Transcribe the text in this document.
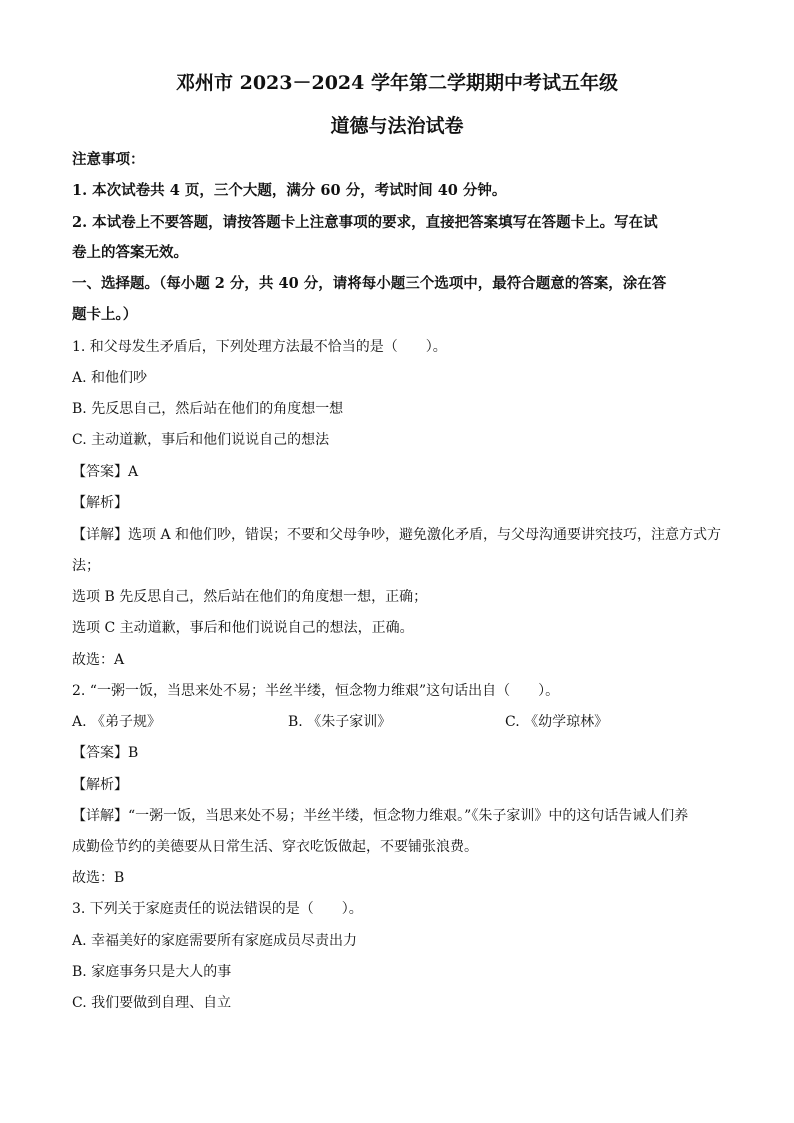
邓州市 2023－2024 学年第二学期期中考试五年级
道德与法治试卷
注意事项：
1. 本次试卷共 4 页，三个大题，满分 60 分，考试时间 40 分钟。
2. 本试卷上不要答题，请按答题卡上注意事项的要求，直接把答案填写在答题卡上。写在试
卷上的答案无效。
一、选择题。（每小题 2 分，共 40 分，请将每小题三个选项中，最符合题意的答案，涂在答
题卡上。）
1. 和父母发生矛盾后，下列处理方法最不恰当的是（　　）。
A. 和他们吵
B. 先反思自己，然后站在他们的角度想一想
C. 主动道歉，事后和他们说说自己的想法
【答案】A
【解析】
【详解】选项 A 和他们吵，错误；不要和父母争吵，避免激化矛盾，与父母沟通要讲究技巧，注意方式方
法；
选项 B 先反思自己，然后站在他们的角度想一想，正确；
选项 C 主动道歉，事后和他们说说自己的想法，正确。
故选：A
2. “一粥一饭，当思来处不易；半丝半缕，恒念物力维艰”这句话出自（　　）。
A. 《弟子规》	B. 《朱子家训》	C. 《幼学琼林》
【答案】B
【解析】
【详解】“一粥一饭，当思来处不易；半丝半缕，恒念物力维艰。”《朱子家训》中的这句话告诫人们养
成勤俭节约的美德要从日常生活、穿衣吃饭做起，不要铺张浪费。
故选：B
3. 下列关于家庭责任的说法错误的是（　　）。
A. 幸福美好的家庭需要所有家庭成员尽责出力
B. 家庭事务只是大人的事
C. 我们要做到自理、自立
